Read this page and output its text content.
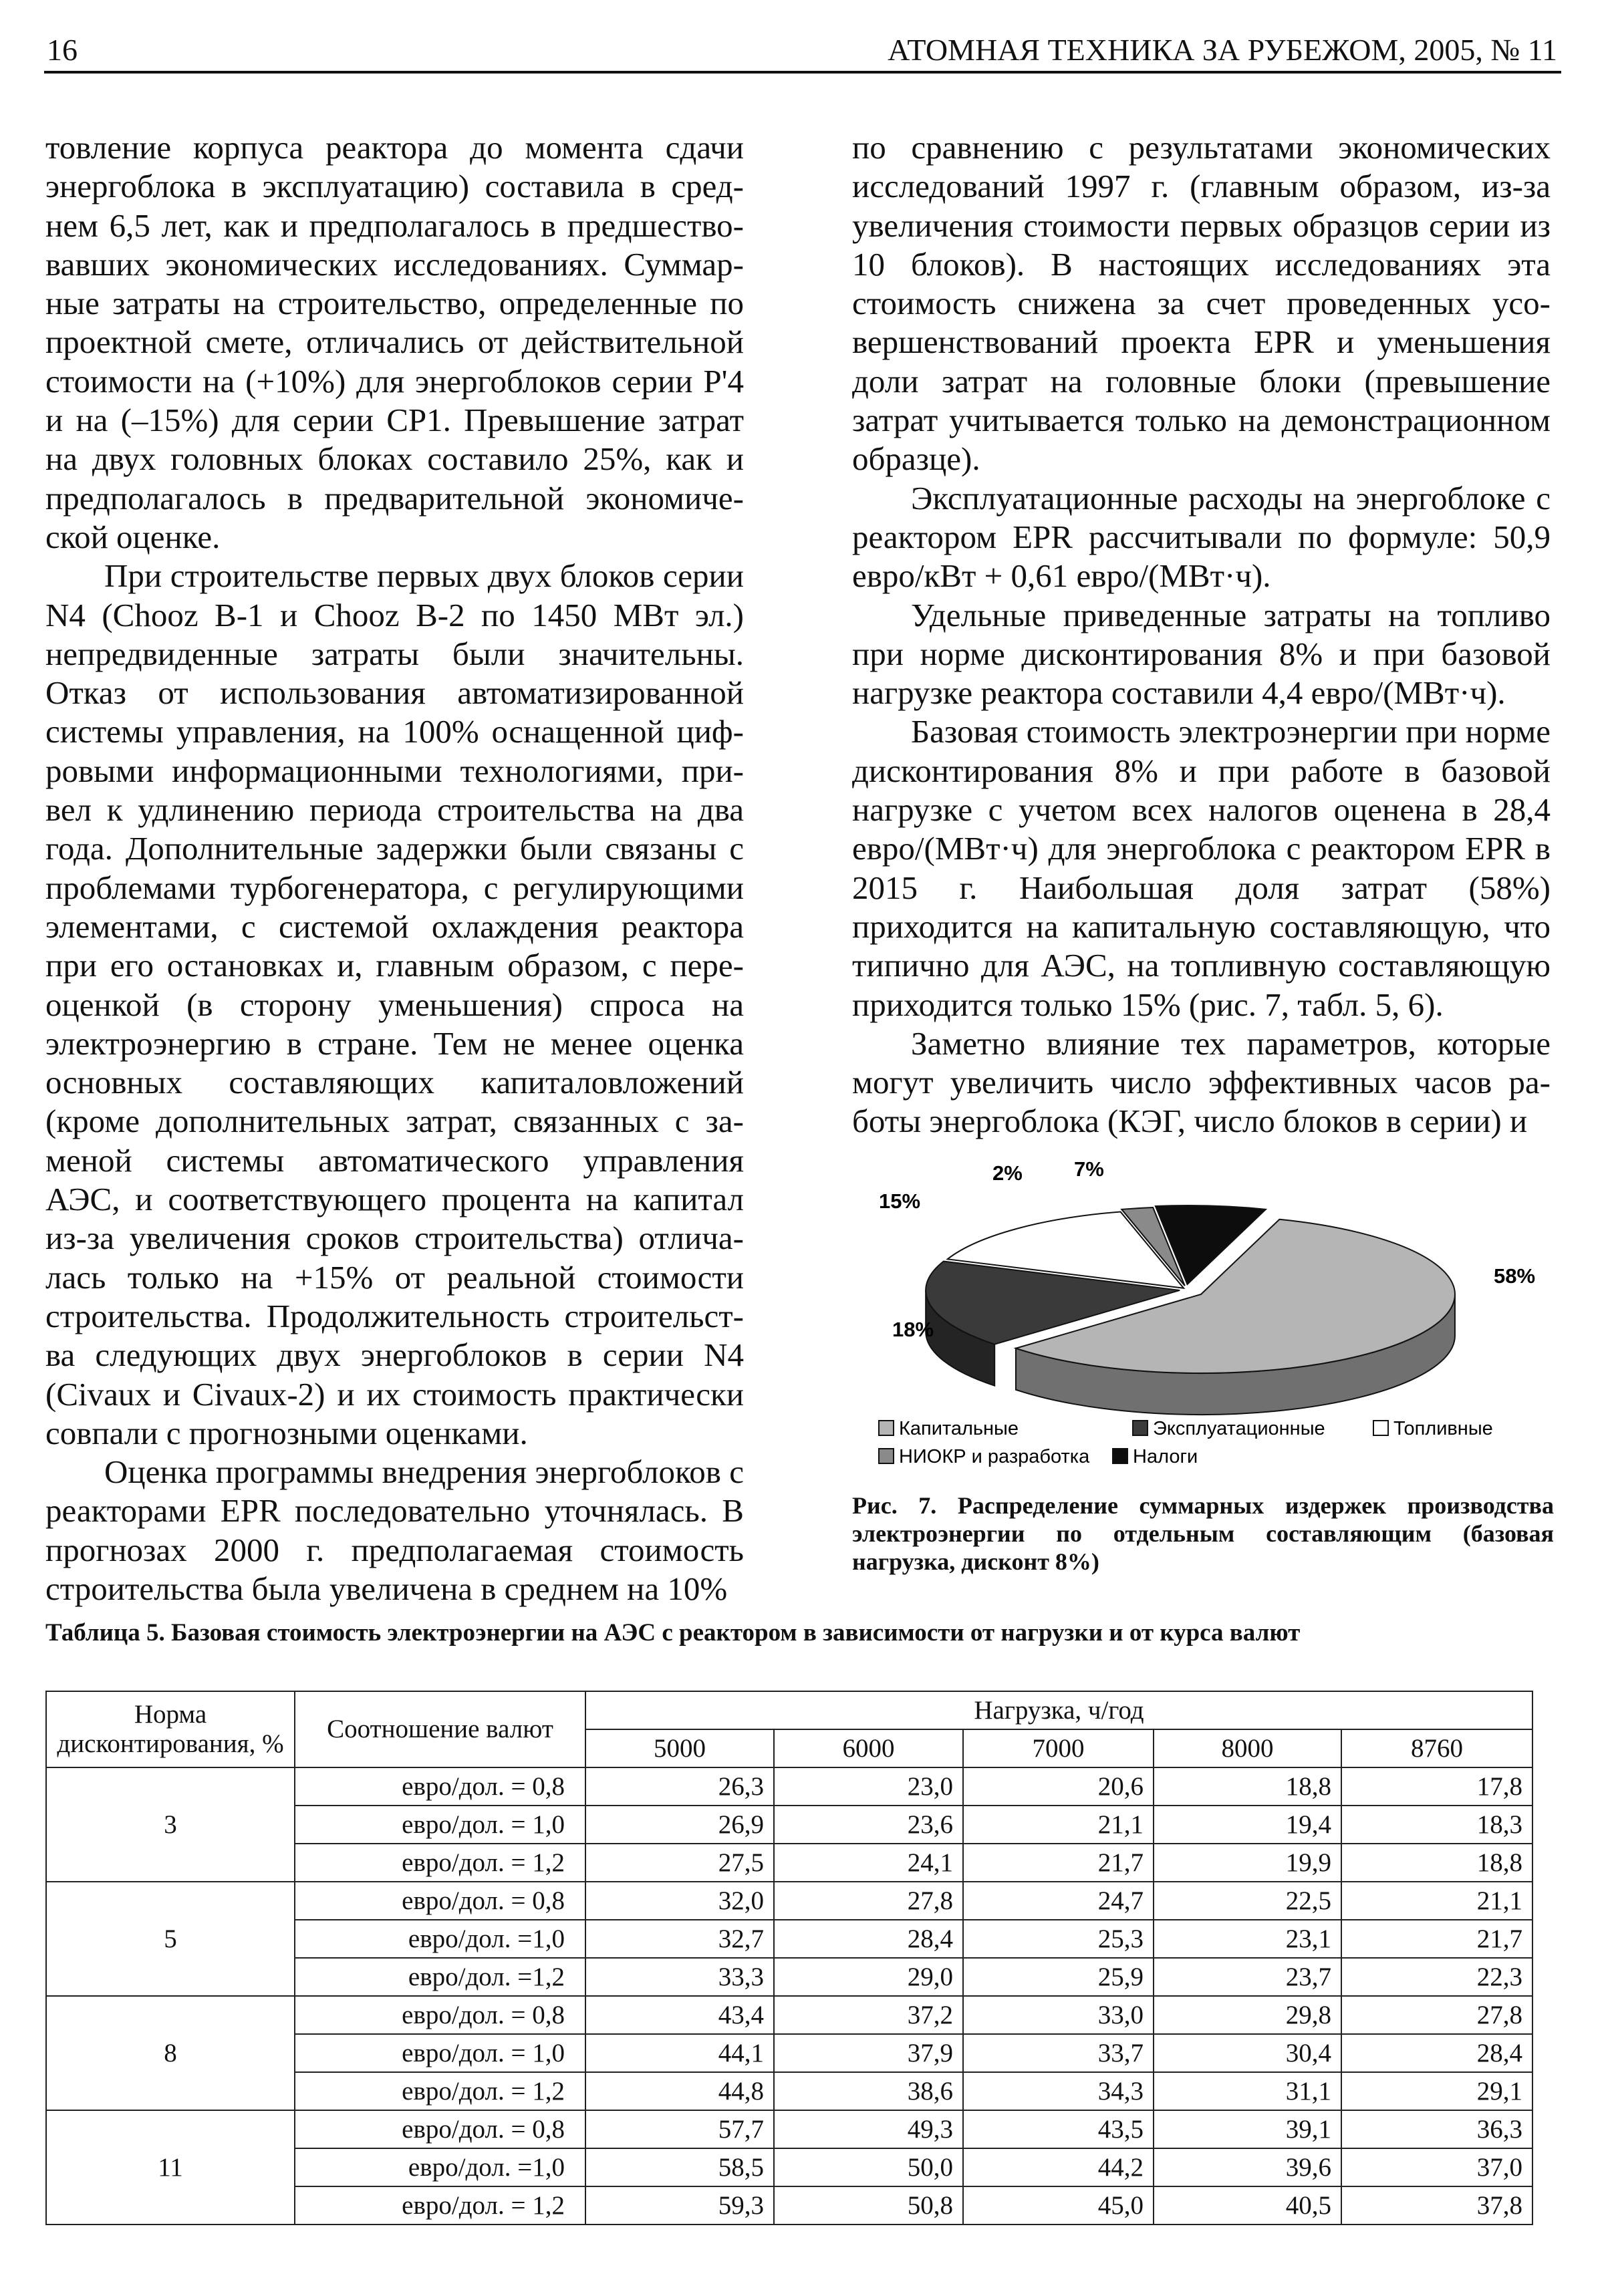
16	АТОМНАЯ ТЕХНИКА ЗА РУБЕЖОМ, 2005, № 11

товление корпуса реактора до момента сдачи энергоблока в эксплуатацию) составила в среднем 6,5 лет, как и предполагалось в предшествовавших экономических исследованиях. Суммарные затраты на строительство, определенные по проектной смете, отличались от действительной стоимости на (+10%) для энергоблоков серии P'4 и на (–15%) для серии CP1. Превышение затрат на двух головных блоках составило 25%, как и предполагалось в предварительной экономической оценке.

При строительстве первых двух блоков серии N4 (Chooz B-1 и Chooz B-2 по 1450 МВт эл.) непредвиденные затраты были значительны. Отказ от использования автоматизированной системы управления, на 100% оснащенной цифровыми информационными технологиями, привел к удлинению периода строительства на два года. Дополнительные задержки были связаны с проблемами турбогенератора, с регулирующими элементами, с системой охлаждения реактора при его остановках и, главным образом, с переоценкой (в сторону уменьшения) спроса на электроэнергию в стране. Тем не менее оценка основных составляющих капиталовложений (кроме дополнительных затрат, связанных с заменой системы автоматического управления АЭС, и соответствующего процента на капитал из-за увеличения сроков строительства) отличалась только на +15% от реальной стоимости строительства. Продолжительность строительства следующих двух энергоблоков в серии N4 (Civaux и Civaux-2) и их стоимость практически совпали с прогнозными оценками.

Оценка программы внедрения энергоблоков с реакторами EPR последовательно уточнялась. В прогнозах 2000 г. предполагаемая стоимость строительства была увеличена в среднем на 10%

по сравнению с результатами экономических исследований 1997 г. (главным образом, из-за увеличения стоимости первых образцов серии из 10 блоков). В настоящих исследованиях эта стоимость снижена за счет проведенных усовершенствований проекта EPR и уменьшения доли затрат на головные блоки (превышение затрат учитывается только на демонстрационном образце).

Эксплуатационные расходы на энергоблоке с реактором EPR рассчитывали по формуле: 50,9 евро/кВт + 0,61 евро/(МВт·ч).

Удельные приведенные затраты на топливо при норме дисконтирования 8% и при базовой нагрузке реактора составили 4,4 евро/(МВт·ч).

Базовая стоимость электроэнергии при норме дисконтирования 8% и при работе в базовой нагрузке с учетом всех налогов оценена в 28,4 евро/(МВт·ч) для энергоблока с реактором EPR в 2015 г. Наибольшая доля затрат (58%) приходится на капитальную составляющую, что типично для АЭС, на топливную составляющую приходится только 15% (рис. 7, табл. 5, 6).

Заметно влияние тех параметров, которые могут увеличить число эффективных часов работы энергоблока (КЭГ, число блоков в серии) и

58%
18%
15%
2% 7%
Капитальные	Эксплуатационные	Топливные
НИОКР и разработка Налоги
Рис. 7. Распределение суммарных издержек производства электроэнергии по отдельным составляющим (базовая нагрузка, дисконт 8%)
Таблица 5. Базовая стоимость электроэнергии на АЭС с реактором в зависимости от нагрузки и от курса валют
Норма дисконтирования, %	Соотношение валют	Нагрузка, ч/год				
		5000	6000	7000	8000	8760
3	евро/дол. = 0,8	26,3	23,0	20,6	18,8	17,8
	евро/дол. = 1,0	26,9	23,6	21,1	19,4	18,3
	евро/дол. = 1,2	27,5	24,1	21,7	19,9	18,8
5	евро/дол. = 0,8	32,0	27,8	24,7	22,5	21,1
	евро/дол. =1,0	32,7	28,4	25,3	23,1	21,7
	евро/дол. =1,2	33,3	29,0	25,9	23,7	22,3
8	евро/дол. = 0,8	43,4	37,2	33,0	29,8	27,8
	евро/дол. = 1,0	44,1	37,9	33,7	30,4	28,4
	евро/дол. = 1,2	44,8	38,6	34,3	31,1	29,1
11	евро/дол. = 0,8	57,7	49,3	43,5	39,1	36,3
	евро/дол. =1,0	58,5	50,0	44,2	39,6	37,0
	евро/дол. = 1,2	59,3	50,8	45,0	40,5	37,8
